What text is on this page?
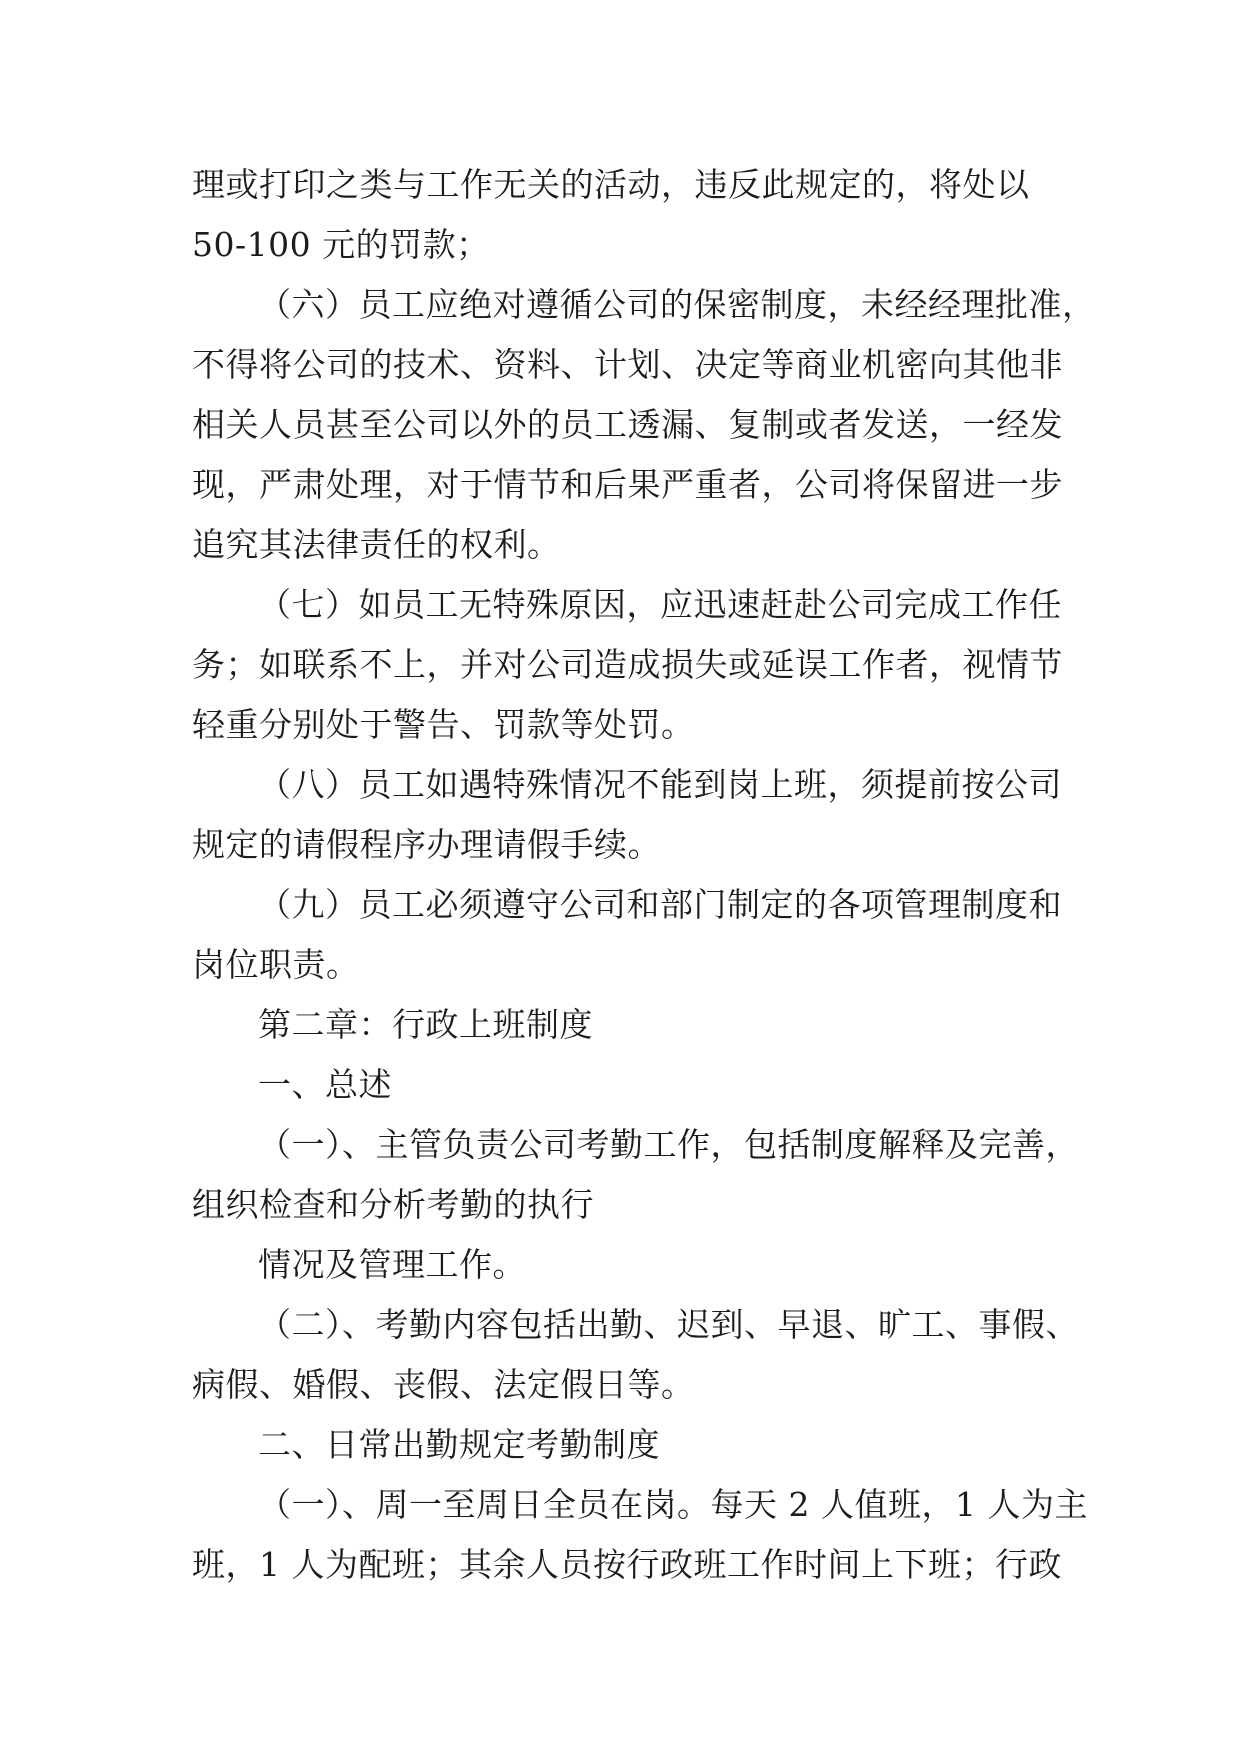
理或打印之类与工作无关的活动，违反此规定的，将处以
50-100 元的罚款；
（六）员工应绝对遵循公司的保密制度，未经经理批准，
不得将公司的技术、资料、计划、决定等商业机密向其他非
相关人员甚至公司以外的员工透漏、复制或者发送，一经发
现，严肃处理，对于情节和后果严重者，公司将保留进一步
追究其法律责任的权利。
（七）如员工无特殊原因，应迅速赶赴公司完成工作任
务；如联系不上，并对公司造成损失或延误工作者，视情节
轻重分别处于警告、罚款等处罚。
（八）员工如遇特殊情况不能到岗上班，须提前按公司
规定的请假程序办理请假手续。
（九）员工必须遵守公司和部门制定的各项管理制度和
岗位职责。
第二章：行政上班制度
一、总述
（一）、主管负责公司考勤工作，包括制度解释及完善，
组织检查和分析考勤的执行
情况及管理工作。
（二）、考勤内容包括出勤、迟到、早退、旷工、事假、
病假、婚假、丧假、法定假日等。
二、日常出勤规定考勤制度
（一）、周一至周日全员在岗。每天 2 人值班，1 人为主
班，1 人为配班；其余人员按行政班工作时间上下班；行政
